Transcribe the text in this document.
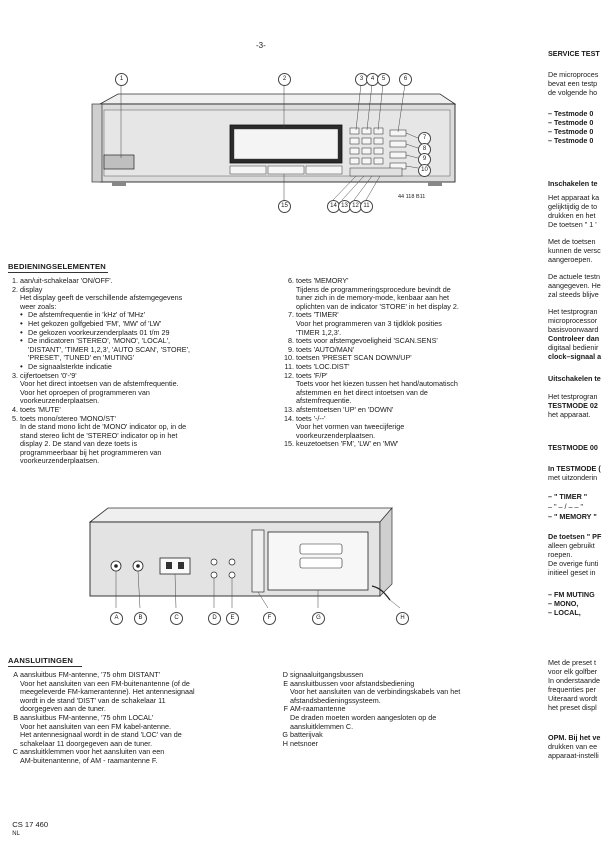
-3-
1	2	3	4	5	6
7
8
9
10
15	14 13 12 11
44 118 B11
BEDIENINGSELEMENTEN
1. aan/uit-schakelaar 'ON/OFF'.
2. display
Het display geeft de verschillende afstemgegevens
weer zoals:
• De afstemfrequentie in 'kHz' of 'MHz'
• Het gekozen golfgebied 'FM', 'MW' of 'LW'
• De gekozen voorkeurzenderplaats 01 t/m 29
• De indicatoren 'STEREO', 'MONO', 'LOCAL',
'DISTANT', 'TIMER 1,2,3', 'AUTO SCAN', 'STORE',
'PRESET', 'TUNED' en 'MUTING'
• De signaalsterkte indicatie
3. cijfertoetsen '0'-'9'
Voor het direct intoetsen van de afstemfrequentie.
Voor het oproepen of programmeren van
voorkeurzenderplaatsen.
4. toets 'MUTE'
5. toets mono/stereo 'MONO/ST'
In de stand mono licht de 'MONO' indicator op, in de
stand stereo licht de 'STEREO' indicator op in het
display 2. De stand van deze toets is
programmeerbaar bij het programmeren van
voorkeurzenderplaatsen.
6. toets 'MEMORY'
Tijdens de programmeringsprocedure bevindt de
tuner zich in de memory-mode, kenbaar aan het
oplichten van de indicator 'STORE' in het display 2.
7. toets 'TIMER'
Voor het programmeren van 3 tijdklok posities
'TIMER 1,2,3'.
8. toets voor afstemgevoeligheid 'SCAN.SENS'
9. toets 'AUTO/MAN'
10. toetsen 'PRESET SCAN DOWN/UP'
11. toets 'LOC.DIST'
12. toets 'F/P'
Toets voor het kiezen tussen het hand/automatisch
afstemmen en het direct intoetsen van de
afstemfrequentie.
13. afstemtoetsen 'UP' en 'DOWN'
14. toets '-/--'
Voor het vormen van tweecijferige
voorkeurzenderplaatsen.
15. keuzetoetsen 'FM', 'LW' en 'MW'
A	B	C	D	E	F	G	H
AANSLUITINGEN
A aansluitbus FM-antenne, '75 ohm DISTANT'
Voor het aansluiten van een FM-buitenantenne (of de
meegeleverde FM-kamerantenne). Het antennesignaal
wordt in de stand 'DIST' van de schakelaar 11
doorgegeven aan de tuner.
B aansluitbus FM-antenne, '75 ohm LOCAL'
Voor het aansluiten van een FM kabel-antenne.
Het antennesignaal wordt in de stand 'LOC' van de
schakelaar 11 doorgegeven aan de tuner.
C aansluitklemmen voor het aansluiten van een
AM-buitenantenne, of AM - raamantenne F.
D signaaluitgangsbussen
E aansluitbussen voor afstandsbediening
Voor het aansluiten van de verbindingskabels van het
afstandsbedieningssysteem.
F AM-raamantenne
De draden moeten worden aangesloten op de
aansluitklemmen C.
G batterijvak
H netsnoer
SERVICE TEST
De microproces
bevat een testp
de volgende ho
– Testmode 0
– Testmode 0
– Testmode 0
– Testmode 0
Inschakelen te
Het apparaat ka
gelijktijdig de to
drukken en het
De toetsen " 1 '
Met de toetsen
kunnen de versc
aangeroepen.
De actuele testn
aangegeven. He
zal steeds blijve
Het testprogran
microprocessor
basisvoorwaard
Controleer dan
digitaal bedienir
clock–signaal a
Uitschakelen te
Het testprogran
TESTMODE 02
het apparaat.
TESTMODE 00
In TESTMODE (
met uitzonderin
– " TIMER "
– " – / – – "
– " MEMORY "
De toetsen " PF
alleen gebruikt
roepen.
De overige funti
initieel geset in
– FM MUTING
– MONO,
– LOCAL,
Met de preset t
voor elk golfber
In onderstaande
frequenties per
Uiteraard wordt
het preset displ
OPM. Bij het ve
drukken van ee
apparaat-instelli

CS 17 460
NL
